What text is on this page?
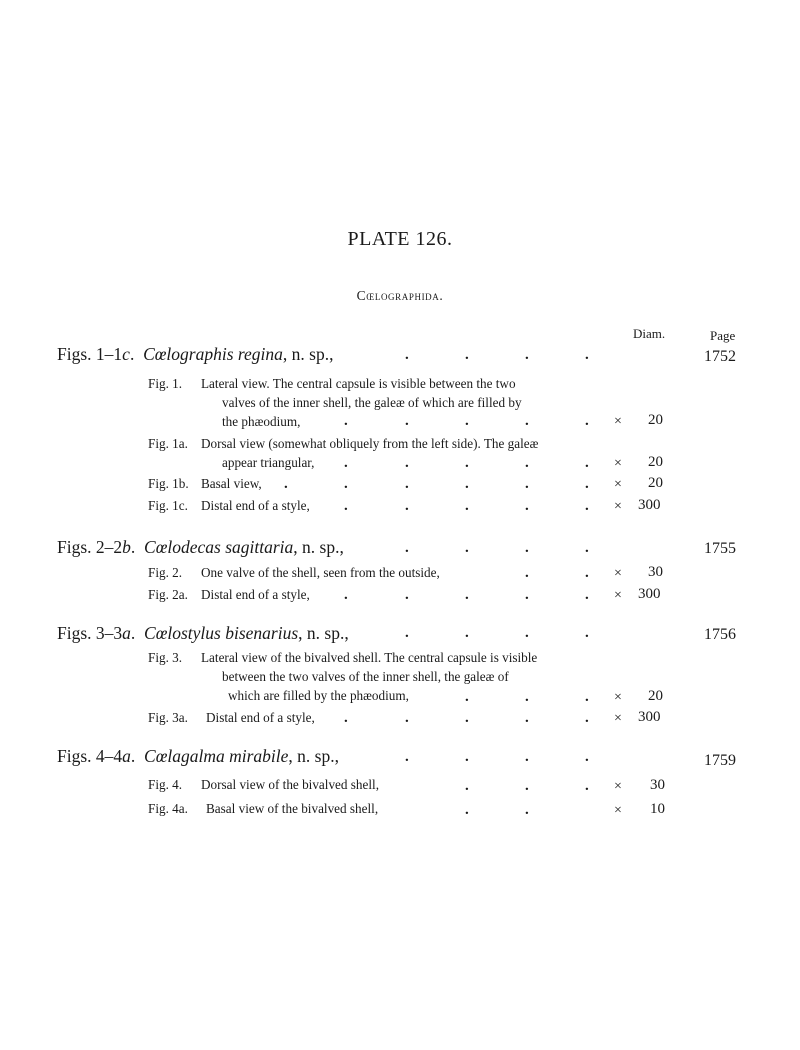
PLATE 126.
Cœlographida.
Diam.	Page
Figs. 1–1c.  Cœlographis regina, n. sp.,	1752
Fig. 1. Lateral view. The central capsule is visible between the two
valves of the inner shell, the galeæ of which are filled by
the phæodium,	× 20
Fig. 1a. Dorsal view (somewhat obliquely from the left side). The galeæ
appear triangular,	× 20
Fig. 1b. Basal view,	× 20
Fig. 1c. Distal end of a style,	× 300
Figs. 2–2b.  Cœlodecas sagittaria, n. sp.,	1755
Fig. 2. One valve of the shell, seen from the outside,	× 30
Fig. 2a. Distal end of a style,	× 300
Figs. 3–3a.  Cœlostylus bisenarius, n. sp.,	1756
Fig. 3. Lateral view of the bivalved shell. The central capsule is visible
between the two valves of the inner shell, the galeæ of
which are filled by the phæodium,	× 20
Fig. 3a. Distal end of a style,	× 300
Figs. 4–4a.  Cœlagalma mirabile, n. sp.,	1759
Fig. 4. Dorsal view of the bivalved shell,	× 30
Fig. 4a. Basal view of the bivalved shell,	× 10
.	.	.	.
.	.	.	.
.	.	.	.
.	.	.	.
.	.	.	.	.
.	.	.	.	.
.	.	.	.	.	.
.	.	.	.	.
.	.
.	.	.	.	.
.	.	.
.	.	.	.	.
.	.	.
.	.
